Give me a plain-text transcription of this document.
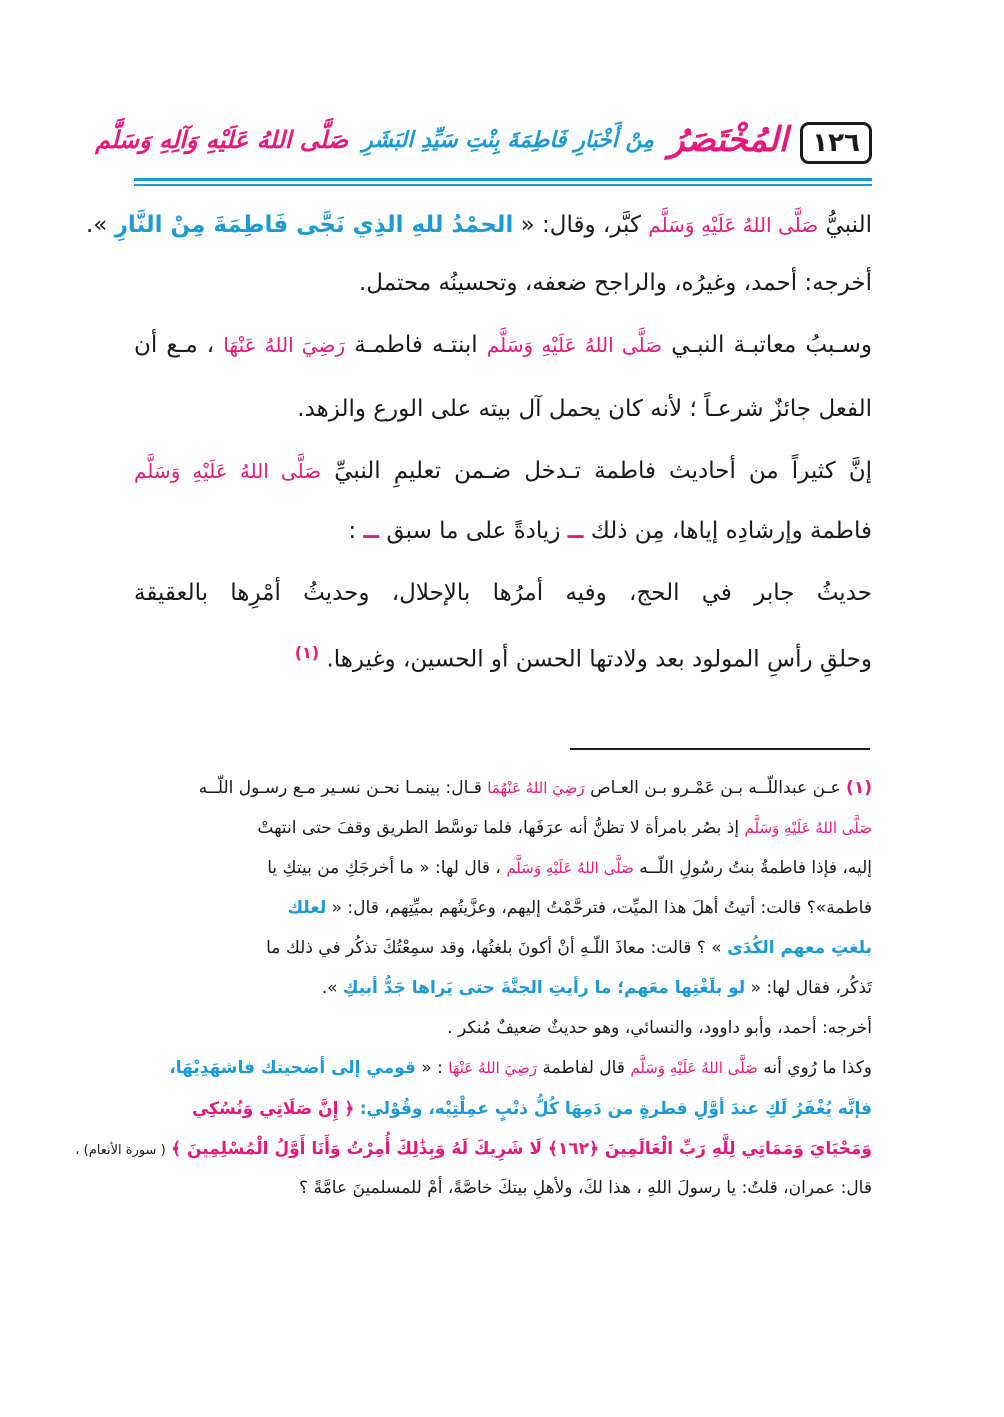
١٢٦
المُخْتَصَرُ
مِنْ أَخْبَارِ فَاطِمَةَ بِنْتِ سَيِّدِ البَشَرِ
صَلَّى اللهُ عَلَيْهِ وَآلِهِ وَسَلَّم
النبيُّ صَلَّى اللهُ عَلَيْهِ وَسَلَّم كبَّر، وقال: « الحمْدُ للهِ الذِي نَجَّى فَاطِمَةَ مِنْ النَّارِ ».
أخرجه: أحمد، وغيرُه، والراجح ضعفه، وتحسينُه محتمل.
وسـببُ معاتبـة النبـي صَلَّى اللهُ عَلَيْهِ وَسَلَّم ابنتـه فاطمـة رَضِيَ اللهُ عَنْهَا ، مـع أن
الفعل جائزٌ شرعـاً ؛ لأنه كان يحمل آل بيته على الورع والزهد.
إنَّ كثيراً من أحاديث فاطمة تـدخل ضـمن تعليمِ النبيِّ صَلَّى اللهُ عَلَيْهِ وَسَلَّم
فاطمة وإرشادِه إياها، مِن ذلك ــ زيادةً على ما سبق ــ :
حديثُ جابر في الحج، وفيه أمرُها بالإحلال، وحديثُ أمْرِها بالعقيقة
وحلقِ رأسِ المولود بعد ولادتها الحسن أو الحسين، وغيرها. $^{(١)}$
(١) عـن عبداللّــه بـن عَمْـرو بـن العـاص رَضِيَ اللهُ عَنْهُمَا قـال: بينمـا نحـن نسـير مـع رسـول اللّــه
صَلَّى اللهُ عَلَيْهِ وَسَلَّم إذ بصُر بامرأة لا تظنُّ أنه عرَفَها، فلما توسَّط الطريق وقفَ حتى انتهتْ
إليه، فإذا فاطمةُ بنتُ رسُولِ اللّــه صَلَّى اللهُ عَلَيْهِ وَسَلَّم ، قال لها: « ما أخرجَكِ من بيتكِ يا
فاطمة»؟ قالت: أتيتُ أهلَ هذا الميِّت، فترحَّمْتُ إليهم، وعزَّيتُهم بميِّتِهم، قال: « لعلك
بلغتِ معهم الكُدَى » ؟ قالت: معاذَ اللّـهِ أنْ أكونَ بلغتُها، وقد سمِعْتُكَ تذكُر في ذلك ما
تَذكُر، فقال لها: « لو بلَغْتِها معَهم؛ ما رأيتِ الجنَّةَ حتى يَراها جَدُّ أبيكِ ».
أخرجه: أحمد، وأبو داوود، والنسائي، وهو حديثٌ ضعيفٌ مُنكر .
وكذا ما رُوي أنه صَلَّى اللهُ عَلَيْهِ وَسَلَّم قال لفاطمة رَضِيَ اللهُ عَنْهَا : « قومي إلى أضحيتك فاشهَدِيْهَا،
فإنَّه يُغْفَرُ لَكِ عندَ أوَّلِ قطرةٍ من دَمِهَا كُلُّ ذنْبٍ عمِلْتِيْه، وقُوْلي: ﴿ إِنَّ صَلَاتِي وَنُسُكِي
وَمَحْيَايَ وَمَمَاتِي لِلَّهِ رَبِّ الْعَالَمِينَ ﴿١٦٢﴾ لَا شَرِيكَ لَهُ وَبِذَٰلِكَ أُمِرْتُ وَأَنَا أَوَّلُ الْمُسْلِمِينَ ﴾ ( سورة الأنعام) ،
قال: عمران، قلتُ: يا رسولَ اللهِ ، هذا لكَ، ولأهلِ بيتكَ خاصَّةً، أمْ للمسلمينَ عامَّةً ؟
